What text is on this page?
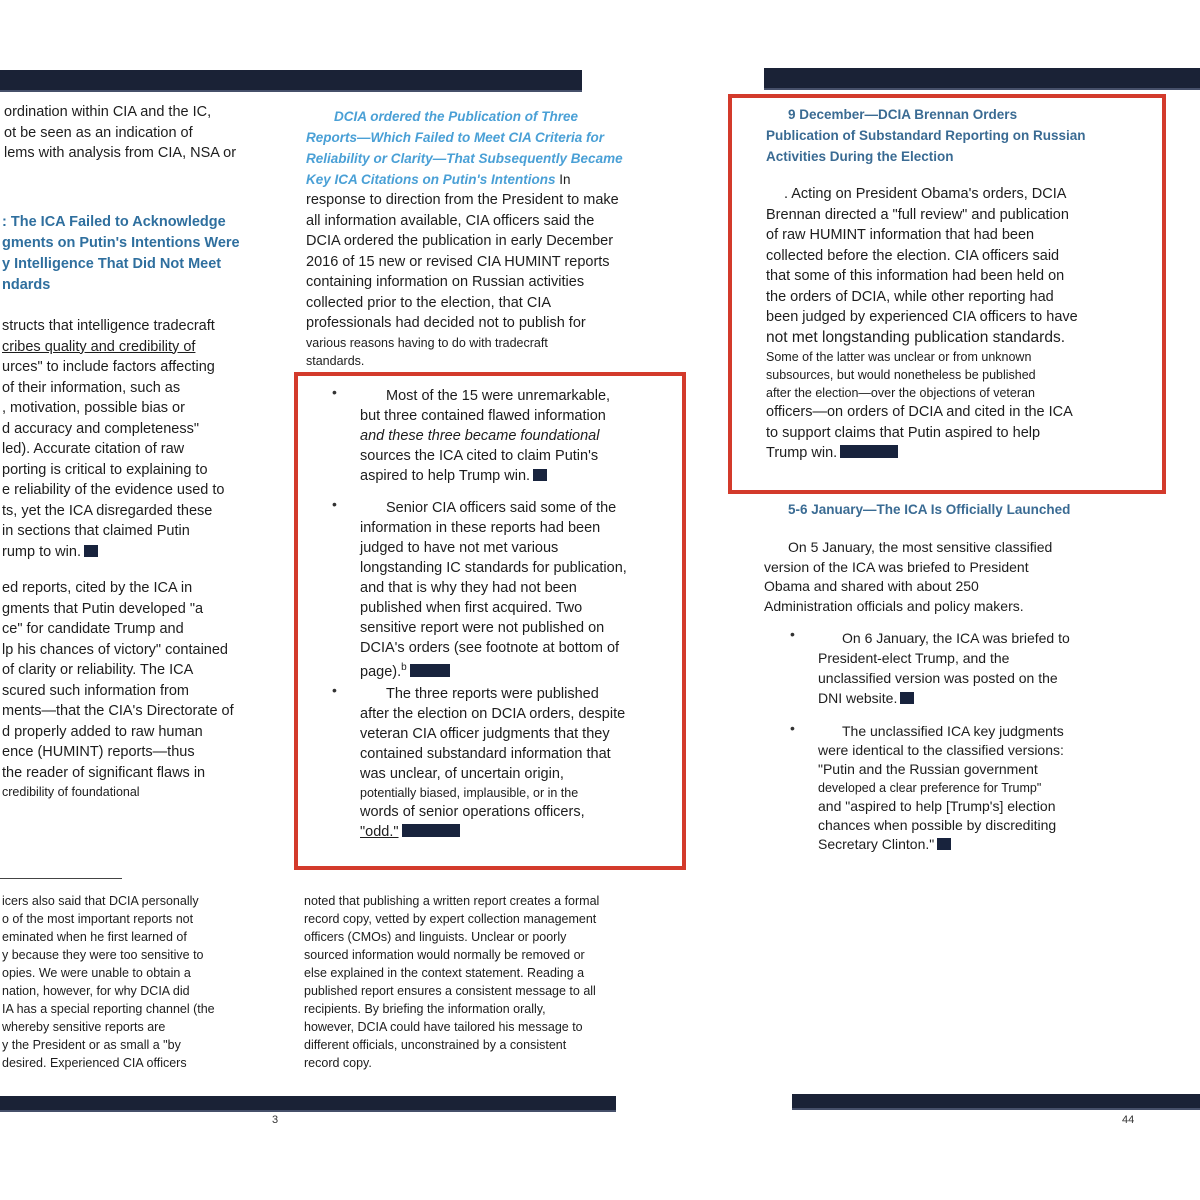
ordination within CIA and the IC,
ot be seen as an indication of
lems with analysis from CIA, NSA or
: The ICA Failed to Acknowledge
gments on Putin's Intentions Were
y Intelligence That Did Not Meet
ndards
structs that intelligence tradecraft
cribes quality and credibility of
urces" to include factors affecting
of their information, such as
, motivation, possible bias or
d accuracy and completeness"
led). Accurate citation of raw
porting is critical to explaining to
e reliability of the evidence used to
ts, yet the ICA disregarded these
in sections that claimed Putin
rump to win.
ed reports, cited by the ICA in
gments that Putin developed "a
ce" for candidate Trump and
lp his chances of victory" contained
of clarity or reliability. The ICA
scured such information from
ments—that the CIA's Directorate of
d properly added to raw human
ence (HUMINT) reports—thus
the reader of significant flaws in
credibility of foundational
icers also said that DCIA personally
o of the most important reports not
eminated when he first learned of
y because they were too sensitive to
opies. We were unable to obtain a
nation, however, for why DCIA did
IA has a special reporting channel (the
whereby sensitive reports are
y the President or as small a "by
desired. Experienced CIA officers
DCIA ordered the Publication of Three
Reports—Which Failed to Meet CIA Criteria for
Reliability or Clarity—That Subsequently Became
Key ICA Citations on Putin's Intentions In
response to direction from the President to make
all information available, CIA officers said the
DCIA ordered the publication in early December
2016 of 15 new or revised CIA HUMINT reports
containing information on Russian activities
collected prior to the election, that CIA
professionals had decided not to publish for
various reasons having to do with tradecraft
standards.
•	Most of the 15 were unremarkable,
but three contained flawed information
and these three became foundational
sources the ICA cited to claim Putin's
aspired to help Trump win.
•	Senior CIA officers said some of the
information in these reports had been
judged to have not met various
longstanding IC standards for publication,
and that is why they had not been
published when first acquired. Two
sensitive report were not published on
DCIA's orders (see footnote at bottom of
page).$^b$
•	The three reports were published
after the election on DCIA orders, despite
veteran CIA officer judgments that they
contained substandard information that
was unclear, of uncertain origin,
potentially biased, implausible, or in the
words of senior operations officers,
"odd."
noted that publishing a written report creates a formal
record copy, vetted by expert collection management
officers (CMOs) and linguists. Unclear or poorly
sourced information would normally be removed or
else explained in the context statement. Reading a
published report ensures a consistent message to all
recipients. By briefing the information orally,
however, DCIA could have tailored his message to
different officials, unconstrained by a consistent
record copy.
9 December—DCIA Brennan Orders
Publication of Substandard Reporting on Russian
Activities During the Election
. Acting on President Obama's orders, DCIA
Brennan directed a "full review" and publication
of raw HUMINT information that had been
collected before the election. CIA officers said
that some of this information had been held on
the orders of DCIA, while other reporting had
been judged by experienced CIA officers to have
not met longstanding publication standards.
Some of the latter was unclear or from unknown
subsources, but would nonetheless be published
after the election—over the objections of veteran
officers—on orders of DCIA and cited in the ICA
to support claims that Putin aspired to help
Trump win.
5-6 January—The ICA Is Officially Launched
On 5 January, the most sensitive classified
version of the ICA was briefed to President
Obama and shared with about 250
Administration officials and policy makers.
•	On 6 January, the ICA was briefed to
President-elect Trump, and the
unclassified version was posted on the
DNI website.
•	The unclassified ICA key judgments
were identical to the classified versions:
"Putin and the Russian government
developed a clear preference for Trump"
and "aspired to help [Trump's] election
chances when possible by discrediting
Secretary Clinton."
3	44
